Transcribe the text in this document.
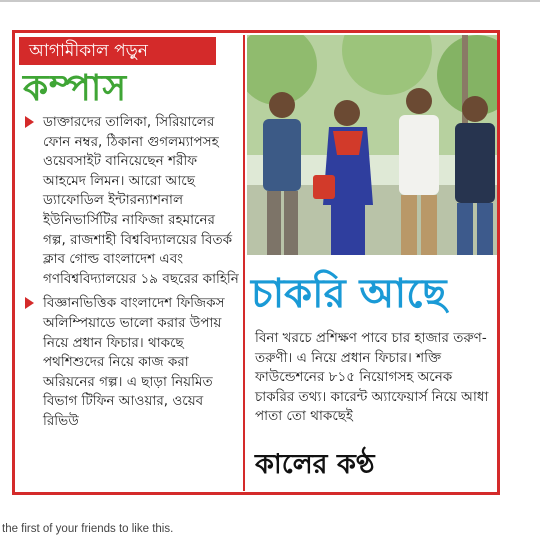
আগামীকাল পড়ুন
কম্পাস
ডাক্তারদের তালিকা, সিরিয়ালের ফোন নম্বর, ঠিকানা গুগলম্যাপসহ ওয়েবসাইট বানিয়েছেন শরীফ আহমেদ লিমন। আরো আছে ড্যাফোডিল ইন্টারন্যাশনাল ইউনিভার্সিটির নাফিজা রহমানের গল্প, রাজশাহী বিশ্ববিদ্যালয়ের বিতর্ক ক্লাব গোল্ড বাংলাদেশ এবং গণবিশ্ববিদ্যালয়ের ১৯ বছরের কাহিনি
বিজ্ঞানভিত্তিক বাংলাদেশ ফিজিকস অলিম্পিয়াডে ভালো করার উপায় নিয়ে প্রধান ফিচার। থাকছে পথশিশুদের নিয়ে কাজ করা অরিয়নের গল্প। এ ছাড়া নিয়মিত বিভাগ টিফিন আওয়ার, ওয়েব রিভিউ
চাকরি আছে
বিনা খরচে প্রশিক্ষণ পাবে চার হাজার তরুণ-তরুণী। এ নিয়ে প্রধান ফিচার। শক্তি ফাউন্ডেশনের ৮১৫ নিয়োগসহ অনেক চাকরির তথ্য। কারেন্ট অ্যাফেয়ার্স নিয়ে আধা পাতা তো থাকছেই
কালের কণ্ঠ
the first of your friends to like this.
